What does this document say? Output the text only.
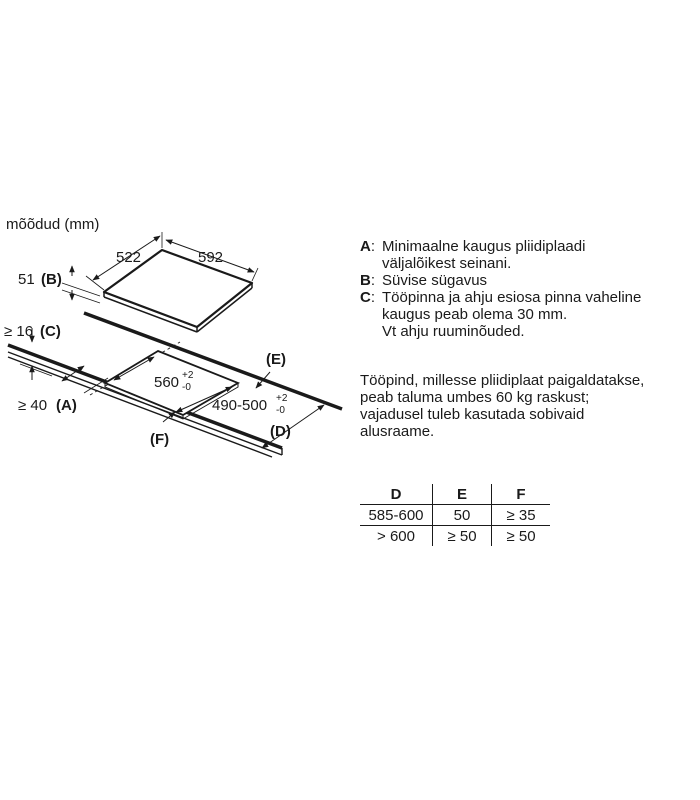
mõõdud (mm)
522	592
51 (B)
≥ 16 (C)
≥ 40 (A)
(E)
560 +2
-0
490-500 +2
-0
(F)	(D)
A : Minimaalne kaugus pliidiplaadi
väljalõikest seinani.
B : Süvise sügavus
C : Tööpinna ja ahju esiosa pinna vaheline
kaugus peab olema 30 mm.
Vt ahju ruuminõuded.
Tööpind, millesse pliidiplaat paigaldatakse,
peab taluma umbes 60 kg raskust;
vajadusel tuleb kasutada sobivaid
alusraame.
D	E	F
585-600	50	≥ 35
> 600	≥ 50	≥ 50
